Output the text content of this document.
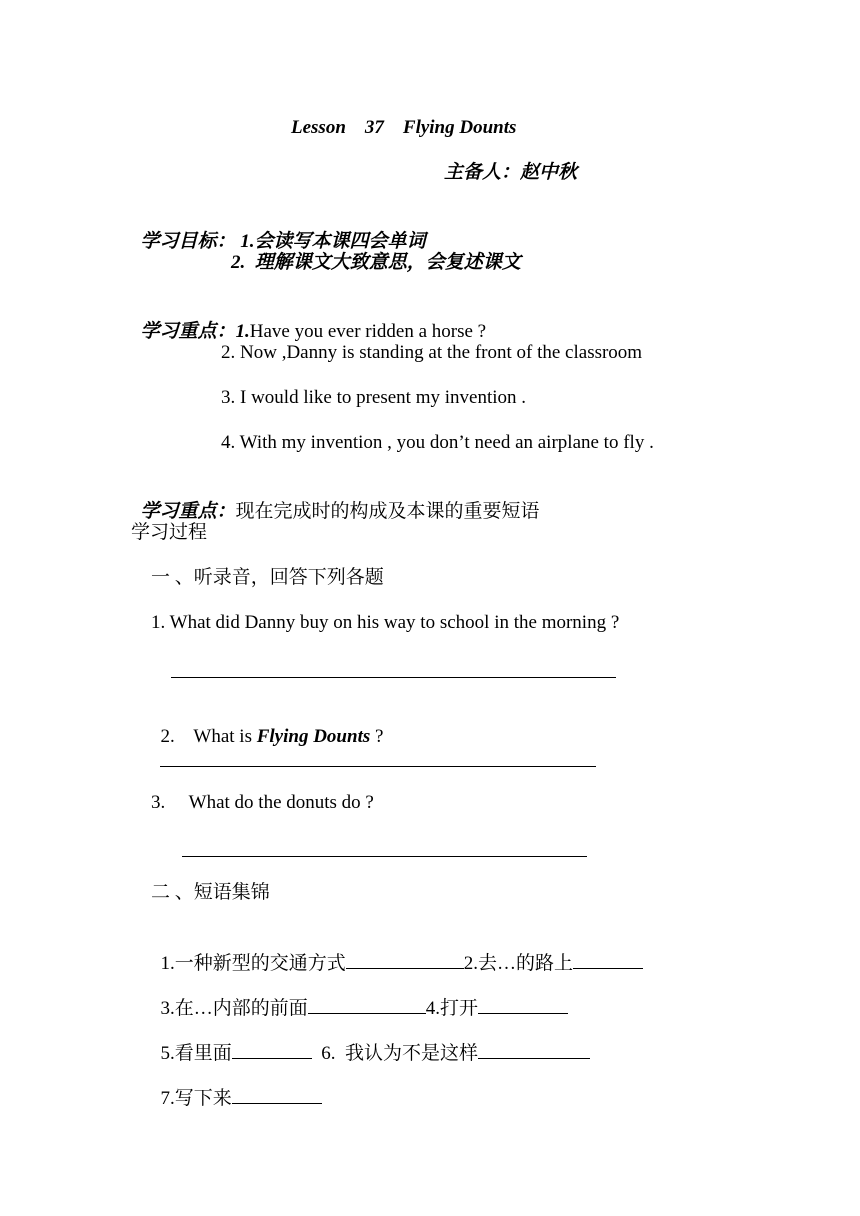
Lesson    37    Flying Dounts
主备人：赵中秋

学习目标： 1.会读写本课四会单词

2.  理解课文大致意思，会复述课文

学习重点：1.Have you ever ridden a horse ?

2. Now ,Danny is standing at the front of the classroom
3. I would like to present my invention .
4. With my invention , you don’t need an airplane to fly .

学习重点：现在完成时的构成及本课的重要短语

学习过程
一 、听录音，回答下列各题
1. What did Danny buy on his way to school in the morning ?

2.    What is Flying Dounts ?

3.     What do the donuts do ?
二 、短语集锦

1.一种新型的交通方式	2.去…的路上

3.在…内部的前面	4.打开

5.看里面	6.  我认为不是这样

7.写下来
